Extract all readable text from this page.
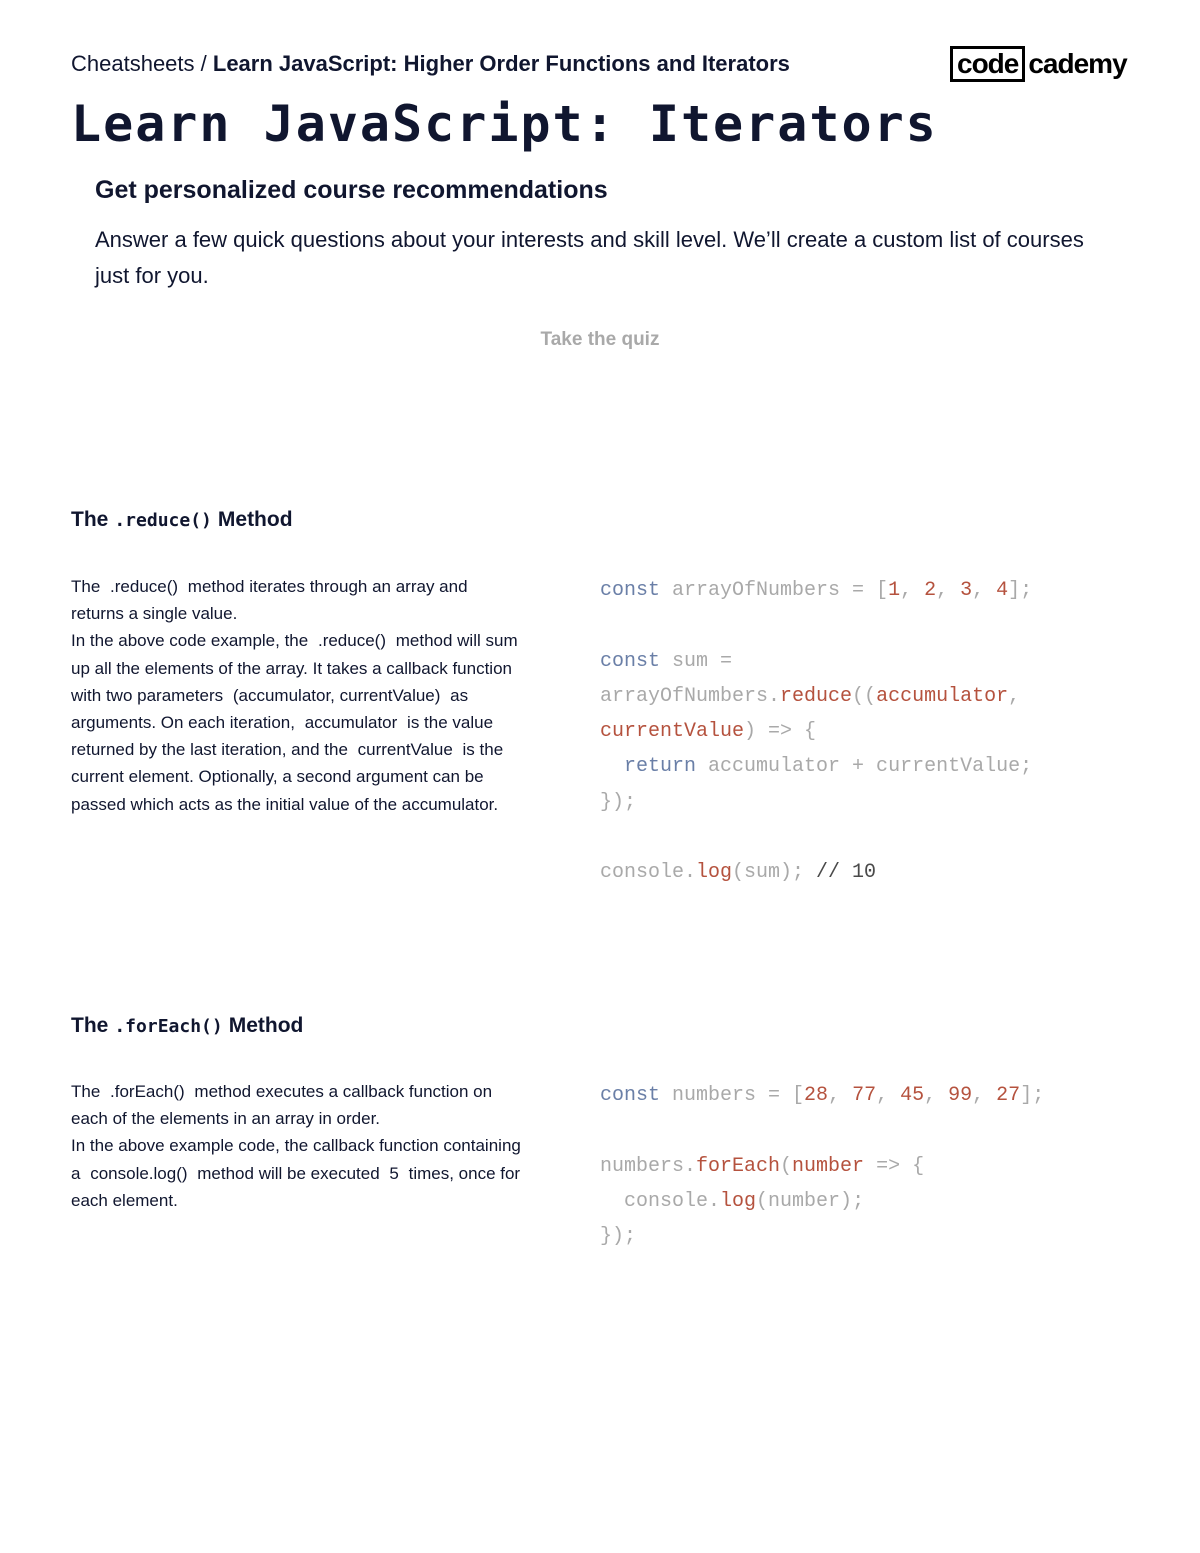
Cheatsheets / Learn JavaScript: Higher Order Functions and Iterators	code cademy
Learn JavaScript: Iterators
Get personalized course recommendations

Answer a few quick questions about your interests and skill level. We’ll create a custom list of courses just for you.

Take the quiz
The .reduce() Method
The .reduce() method iterates through an array and returns a single value.
In the above code example, the .reduce() method will sum up all the elements of the array. It takes a callback function with two parameters (accumulator, currentValue) as arguments. On each iteration, accumulator is the value returned by the last iteration, and the currentValue is the current element. Optionally, a second argument can be passed which acts as the initial value of the accumulator.
const arrayOfNumbers = [1, 2, 3, 4];

const sum =
arrayOfNumbers.reduce((accumulator,
currentValue) => {
return accumulator + currentValue;
});

console.log(sum); // 10
The .forEach() Method
The .forEach() method executes a callback function on each of the elements in an array in order.
In the above example code, the callback function containing a console.log() method will be executed 5 times, once for each element.
const numbers = [28, 77, 45, 99, 27];

numbers.forEach(number => {
console.log(number);
});
